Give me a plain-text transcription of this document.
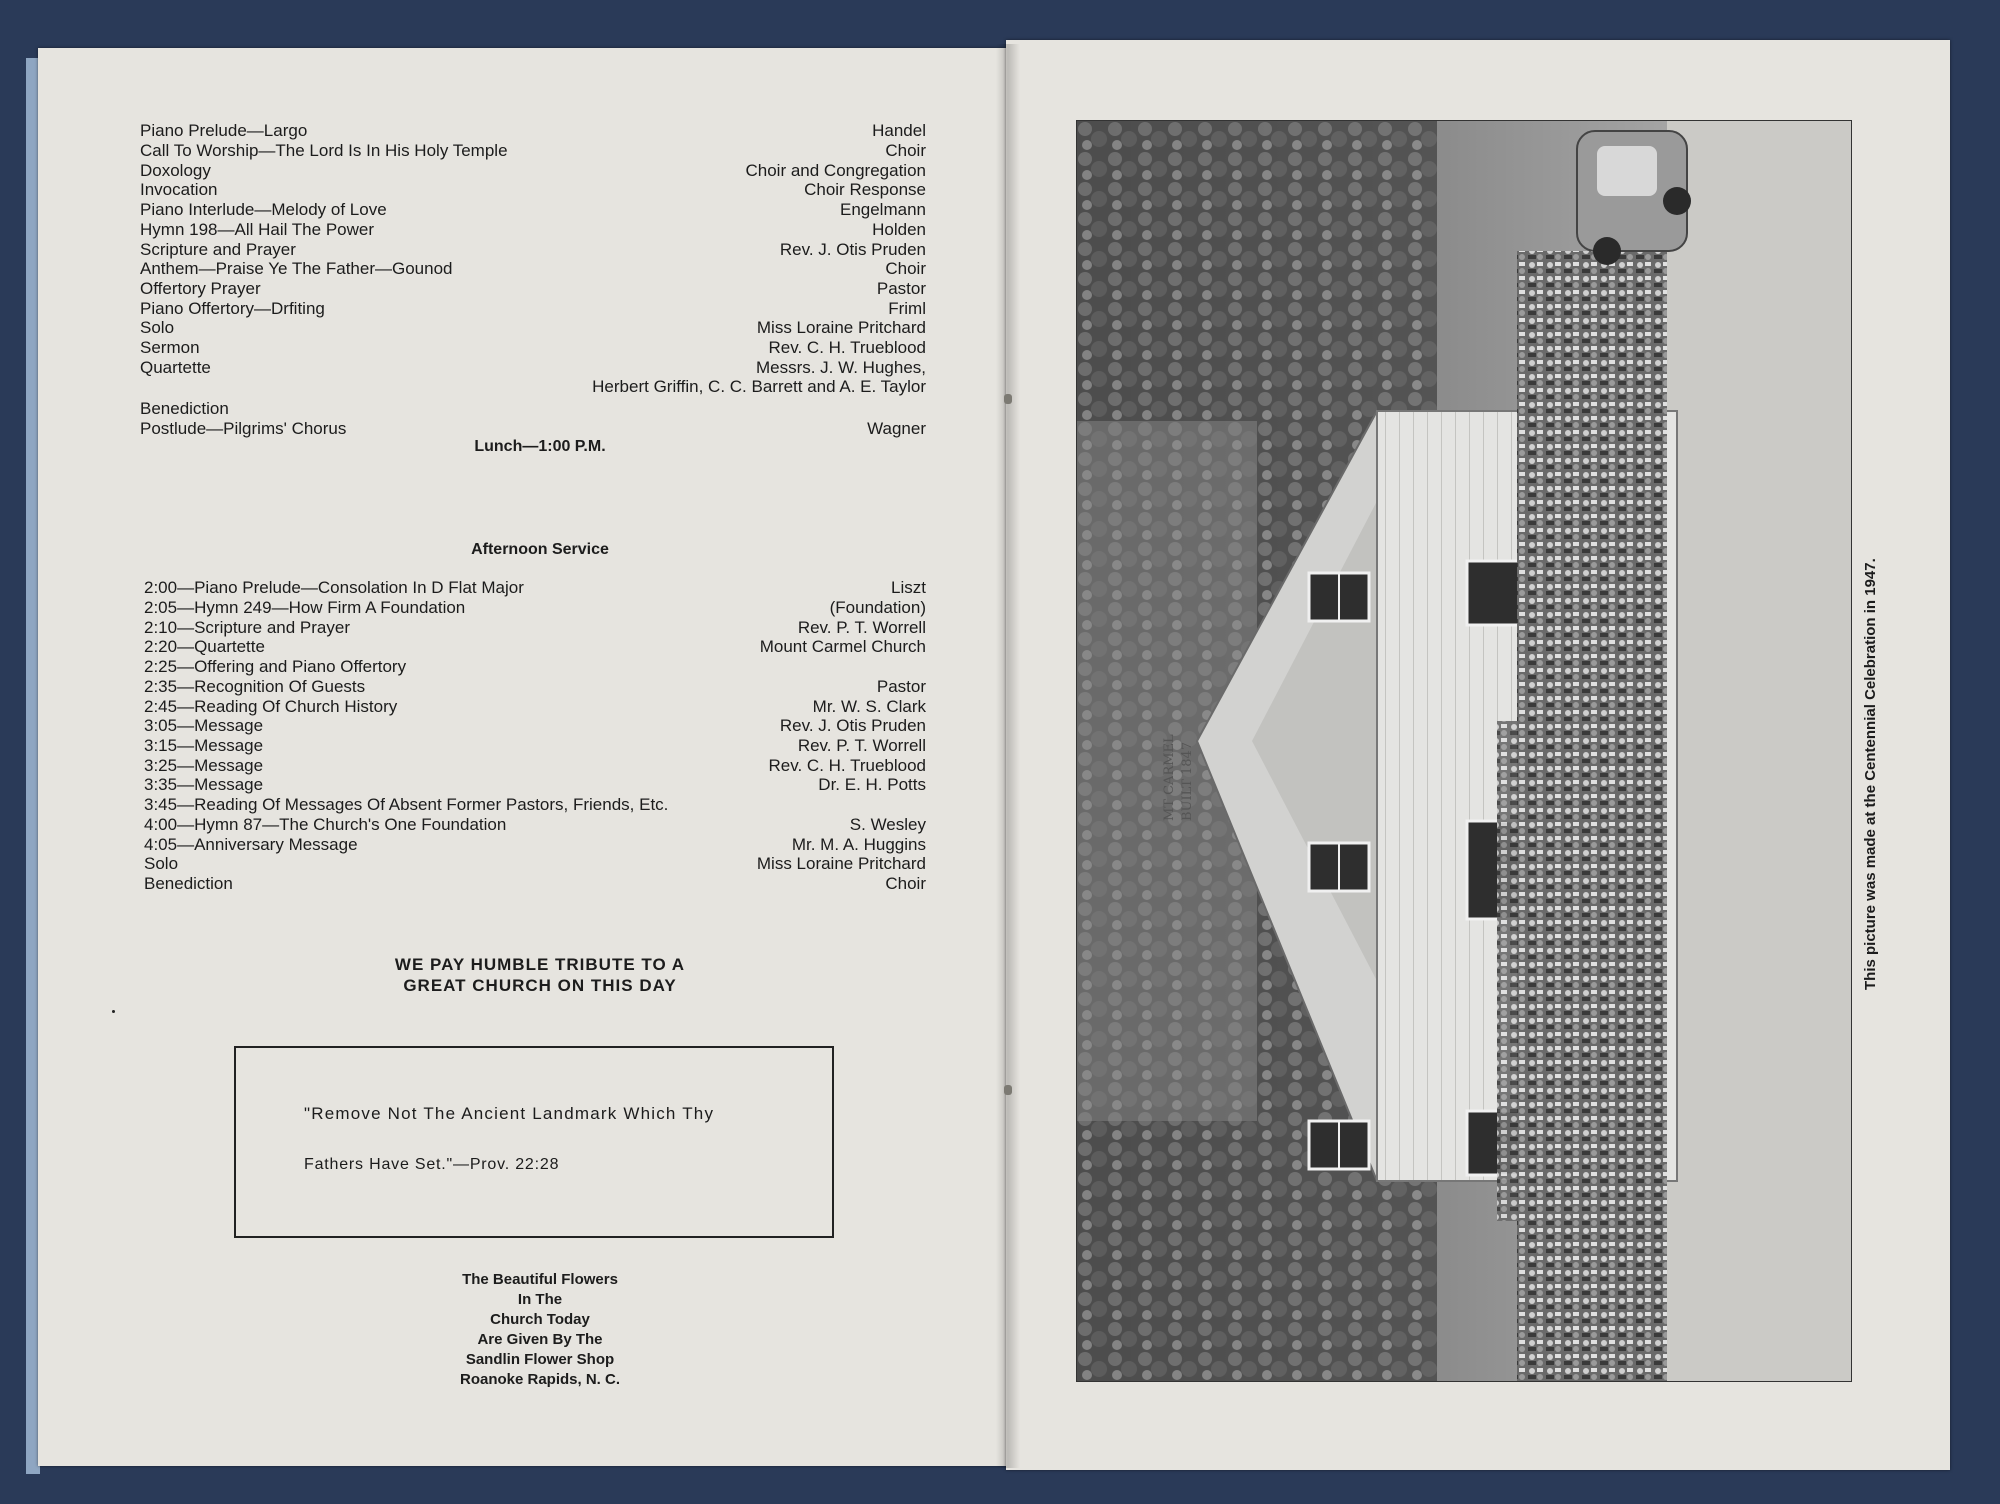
Piano Prelude—Largo	Handel
Call To Worship—The Lord Is In His Holy Temple	Choir
Doxology	Choir and Congregation
Invocation	Choir Response
Piano Interlude—Melody of Love	Engelmann
Hymn 198—All Hail The Power	Holden
Scripture and Prayer	Rev. J. Otis Pruden
Anthem—Praise Ye The Father—Gounod	Choir
Offertory Prayer	Pastor
Piano Offertory—Drfiting	Friml
Solo	Miss Loraine Pritchard
Sermon	Rev. C. H. Trueblood
Quartette	Messrs. J. W. Hughes,
Herbert Griffin, C. C. Barrett and A. E. Taylor
Benediction
Postlude—Pilgrims' Chorus	Wagner
Lunch—1:00 P.M.
Afternoon Service
2:00—Piano Prelude—Consolation In D Flat Major	Liszt
2:05—Hymn 249—How Firm A Foundation	(Foundation)
2:10—Scripture and Prayer	Rev. P. T. Worrell
2:20—Quartette	Mount Carmel Church
2:25—Offering and Piano Offertory
2:35—Recognition Of Guests	Pastor
2:45—Reading Of Church History	Mr. W. S. Clark
3:05—Message	Rev. J. Otis Pruden
3:15—Message	Rev. P. T. Worrell
3:25—Message	Rev. C. H. Trueblood
3:35—Message	Dr. E. H. Potts
3:45—Reading Of Messages Of Absent Former Pastors, Friends, Etc.
4:00—Hymn 87—The Church's One Foundation	S. Wesley
4:05—Anniversary Message	Mr. M. A. Huggins
Solo	Miss Loraine Pritchard
Benediction	Choir
WE PAY HUMBLE TRIBUTE TO A
GREAT CHURCH ON THIS DAY
"Remove Not The Ancient Landmark Which Thy
Fathers Have Set."—Prov. 22:28
The Beautiful Flowers
In The
Church Today
Are Given By The
Sandlin Flower Shop
Roanoke Rapids, N. C.
MT CARMEL BUILT 1847	This picture was made at the Centennial Celebration in 1947.
